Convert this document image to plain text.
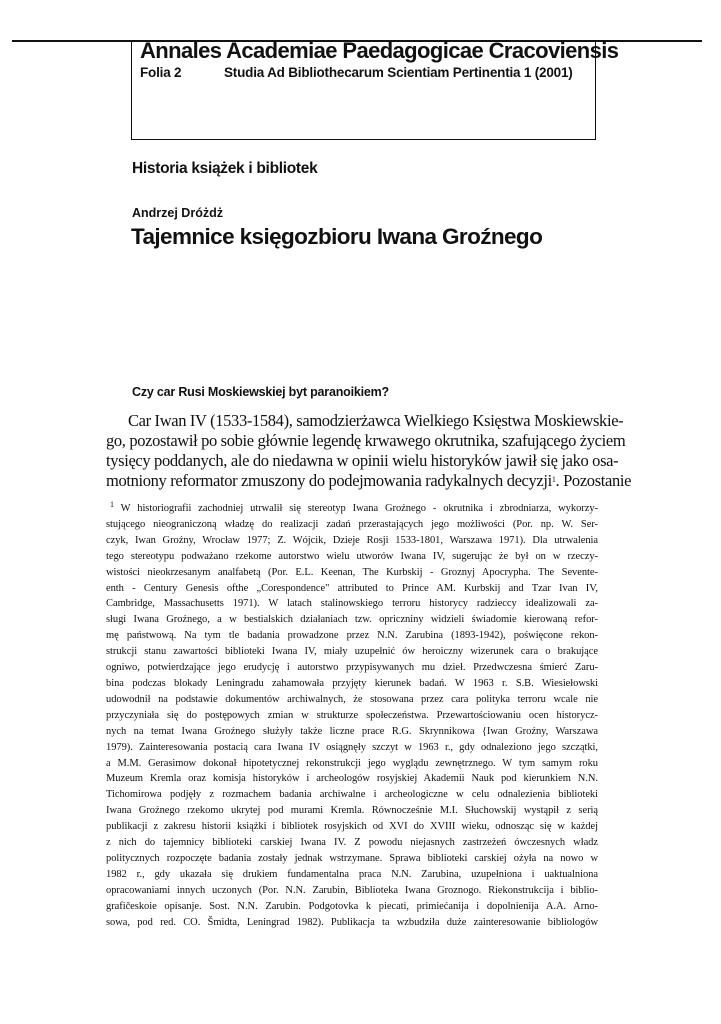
Annales Academiae Paedagogicae Cracoviensis
Folia 2	Studia Ad Bibliothecarum Scientiam Pertinentia 1 (2001)
Historia książek i bibliotek
Andrzej Dróżdż
Tajemnice księgozbioru Iwana Groźnego
Czy car Rusi Moskiewskiej byt paranoikiem?
Car Iwan IV (1533-1584), samodzierżawca Wielkiego Księstwa Moskiewskie-
go, pozostawił po sobie głównie legendę krwawego okrutnika, szafującego życiem
tysięcy poddanych, ale do niedawna w opinii wielu historyków jawił się jako osa-
motniony reformator zmuszony do podejmowania radykalnych decyzji$^1$. Pozostanie
$^1$ W historiografii zachodniej utrwalił się stereotyp Iwana Groźnego - okrutnika i zbrodniarza, wykorzy-
stującego nieograniczoną władzę do realizacji zadań przerastających jego możliwości (Por. np. W. Ser-
czyk, Iwan Groźny, Wrocław 1977; Z. Wójcik, Dzieje Rosji 1533-1801, Warszawa 1971). Dla utrwalenia
tego stereotypu podważano rzekome autorstwo wielu utworów Iwana IV, sugerując że był on w rzeczy-
wistości nieokrzesanym analfabetą (Por. E.L. Keenan, The Kurbskij - Groznyj Apocrypha. The Sevente-
enth - Century Genesis ofthe „Corespondence" attributed to Prince AM. Kurbskij and Tzar Ivan IV,
Cambridge, Massachusetts 1971). W latach stalinowskiego terroru historycy radzieccy idealizowali za-
sługi Iwana Groźnego, a w bestialskich działaniach tzw. opriczniny widzieli świadomie kierowaną refor-
mę państwową. Na tym tle badania prowadzone przez N.N. Zarubina (1893-1942), poświęcone rekon-
strukcji stanu zawartości biblioteki Iwana IV, miały uzupełnić ów heroiczny wizerunek cara o brakujące
ogniwo, potwierdzające jego erudycję i autorstwo przypisywanych mu dzieł. Przedwczesna śmierć Zaru-
bina podczas blokady Leningradu zahamowała przyjęty kierunek badań. W 1963 r. S.B. Wiesiełowski
udowodnił na podstawie dokumentów archiwalnych, że stosowana przez cara polityka terroru wcale nie
przyczyniała się do postępowych zmian w strukturze społeczeństwa. Przewartościowaniu ocen historycz-
nych na temat Iwana Groźnego służyły także liczne prace R.G. Skrynnikowa {Iwan Groźny, Warszawa
1979). Zainteresowania postacią cara Iwana IV osiągnęły szczyt w 1963 r., gdy odnaleziono jego szczątki,
a M.M. Gerasimow dokonał hipotetycznej rekonstrukcji jego wyglądu zewnętrznego. W tym samym roku
Muzeum Kremla oraz komisja historyków i archeologów rosyjskiej Akademii Nauk pod kierunkiem N.N.
Tichomirowa podjęły z rozmachem badania archiwalne i archeologiczne w celu odnalezienia biblioteki
Iwana Groźnego rzekomo ukrytej pod murami Kremla. Równocześnie M.I. Słuchowskij wystąpił z serią
publikacji z zakresu historii książki i bibliotek rosyjskich od XVI do XVIII wieku, odnosząc się w każdej
z nich do tajemnicy biblioteki carskiej Iwana IV. Z powodu niejasnych zastrzeżeń ówczesnych władz
politycznych rozpoczęte badania zostały jednak wstrzymane. Sprawa biblioteki carskiej ożyła na nowo w
1982 r., gdy ukazała się drukiem fundamentalna praca N.N. Zarubina, uzupełniona i uaktualniona
opracowaniami innych uczonych (Por. N.N. Zarubin, Biblioteka Iwana Groznogo. Riekonstrukcija i biblio-
grafičeskoie opisanje. Sost. N.N. Zarubin. Podgotovka k piecati, primiećanija i dopolnienija A.A. Arno-
sowa, pod red. CO. Šmidta, Leningrad 1982). Publikacja ta wzbudziła duże zainteresowanie bibliologów
